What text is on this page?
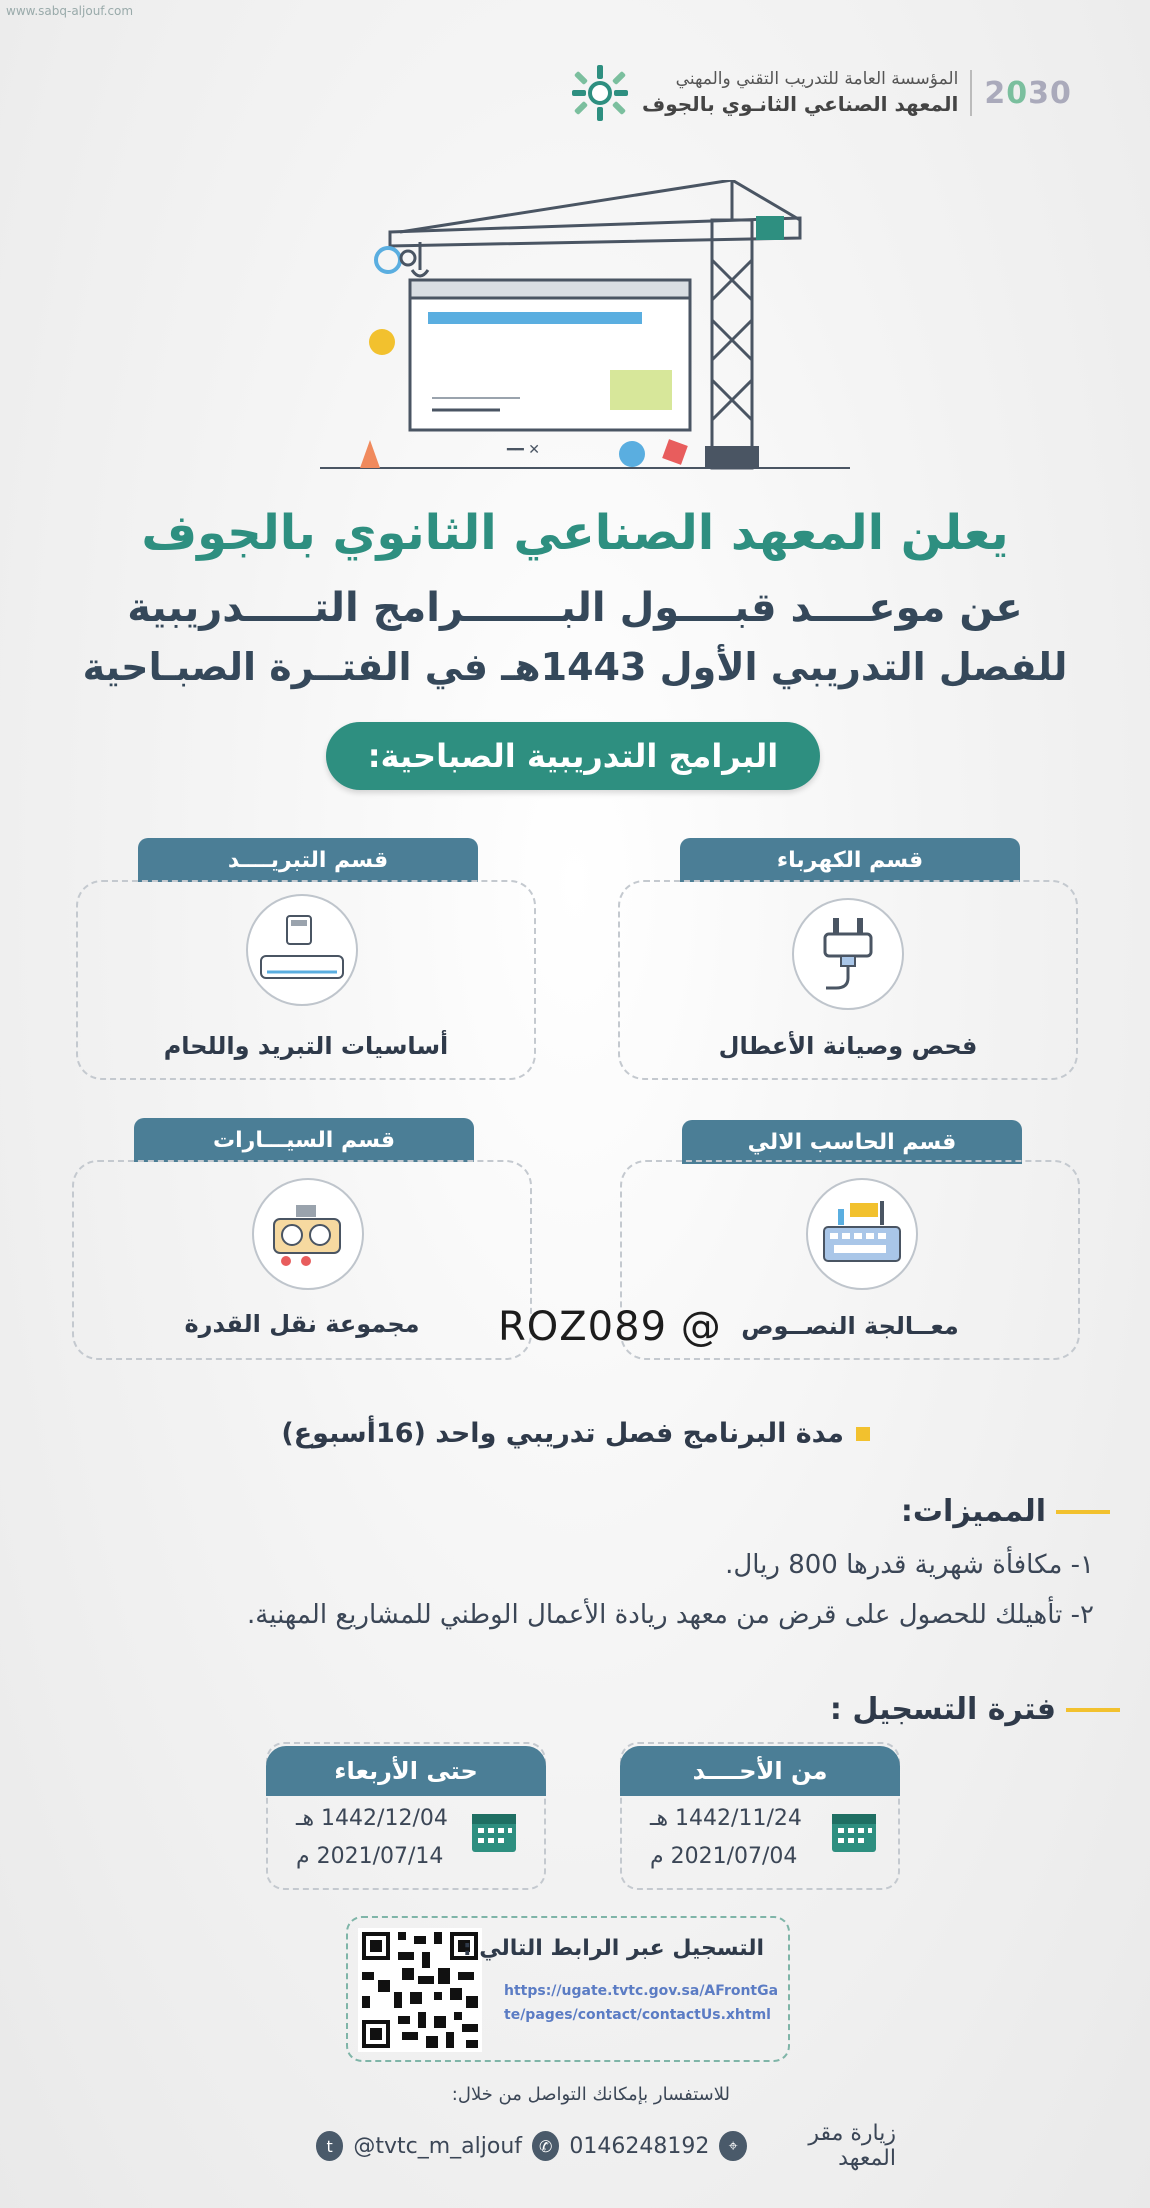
www.sabq-aljouf.com
2030
المؤسسة العامة للتدريب التقني والمهني
المعهد الصناعي الثانـوي بالجوف
✕ ━━
يعلن المعهد الصناعي الثانوي بالجوف
عن موعــــد قبــــول البـــــــرامج التـــــدريبية
للفصل التدريبي الأول 1443هـ في الفتــرة الصبـاحية
البرامج التدريبية الصباحية:
قسم الكهرباء
فحص وصيانة الأعطال
قسم التبريــــد
أساسيات التبريد واللحام
قسم الحاسب الالي
معــالجة النصــوص
قسم السيـــارات
مجموعة نقل القدرة	ROZ089 @
مدة البرنامج فصل تدريبي واحد (16أسبوع)
المميزات:
١- مكافأة شهرية قدرها 800 ريال.
٢- تأهيلك للحصول على قرض من معهد ريادة الأعمال الوطني للمشاريع المهنية.
فترة التسجيل :
من الأحــــد
1442/11/24 هـ
2021/07/04 م
حتى الأربعاء
1442/12/04 هـ
2021/07/14 م
التسجيل عبر الرابط التالي :
https://ugate.tvtc.gov.sa/AFrontGa
te/pages/contact/contactUs.xhtml
للاستفسار بإمكانك التواصل من خلال:
زيارة مقر المعهد
⌖
0146248192
✆
@tvtc_m_aljouf
t
